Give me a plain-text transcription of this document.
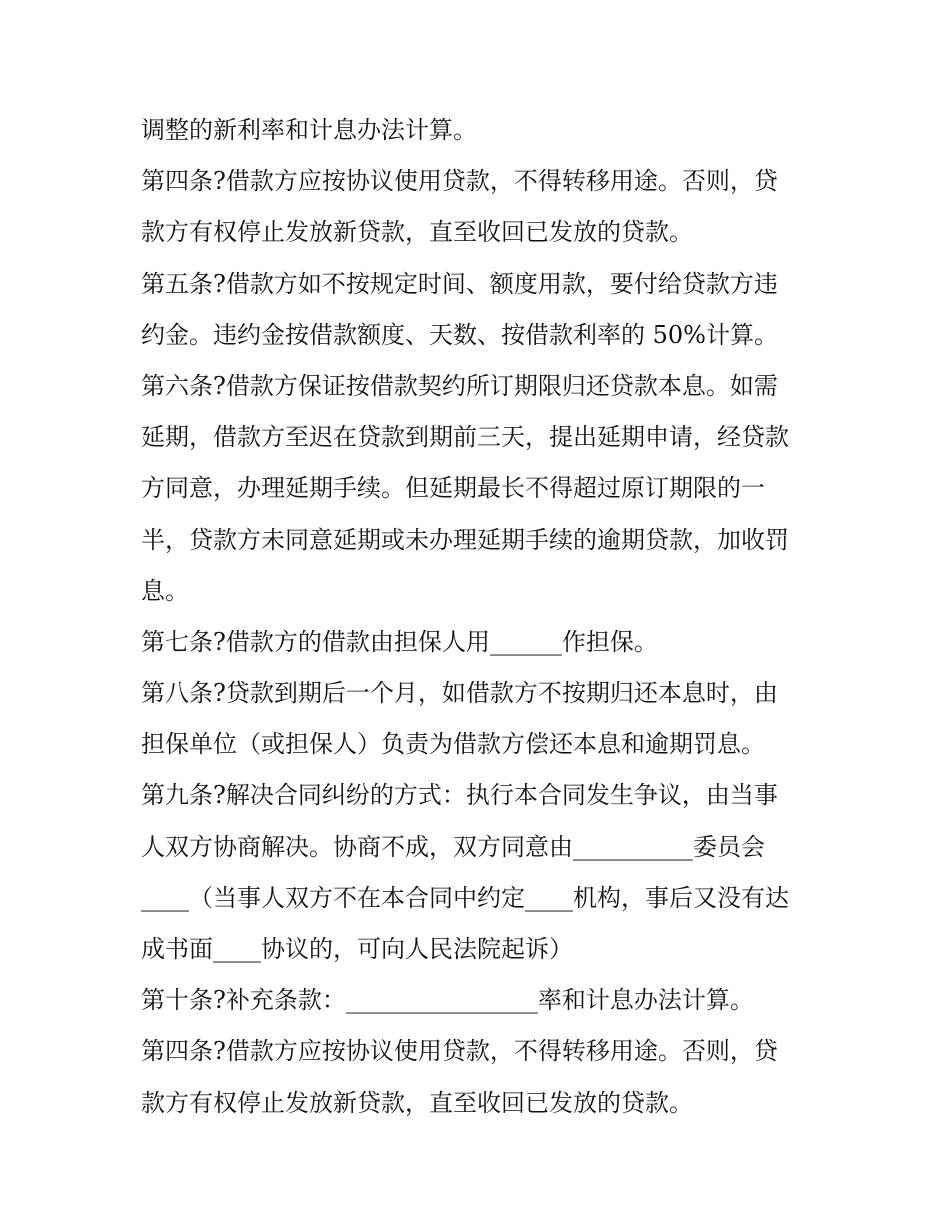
调整的新利率和计息办法计算。
第四条?借款方应按协议使用贷款，不得转移用途。否则，贷
款方有权停止发放新贷款，直至收回已发放的贷款。
第五条?借款方如不按规定时间、额度用款，要付给贷款方违
约金。违约金按借款额度、天数、按借款利率的 50%计算。
第六条?借款方保证按借款契约所订期限归还贷款本息。如需
延期，借款方至迟在贷款到期前三天，提出延期申请，经贷款
方同意，办理延期手续。但延期最长不得超过原订期限的一
半，贷款方未同意延期或未办理延期手续的逾期贷款，加收罚
息。
第七条?借款方的借款由担保人用______作担保。
第八条?贷款到期后一个月，如借款方不按期归还本息时，由
担保单位（或担保人）负责为借款方偿还本息和逾期罚息。
第九条?解决合同纠纷的方式：执行本合同发生争议，由当事
人双方协商解决。协商不成，双方同意由__________委员会
____（当事人双方不在本合同中约定____机构，事后又没有达
成书面____协议的，可向人民法院起诉）
第十条?补充条款：________________率和计息办法计算。
第四条?借款方应按协议使用贷款，不得转移用途。否则，贷
款方有权停止发放新贷款，直至收回已发放的贷款。
